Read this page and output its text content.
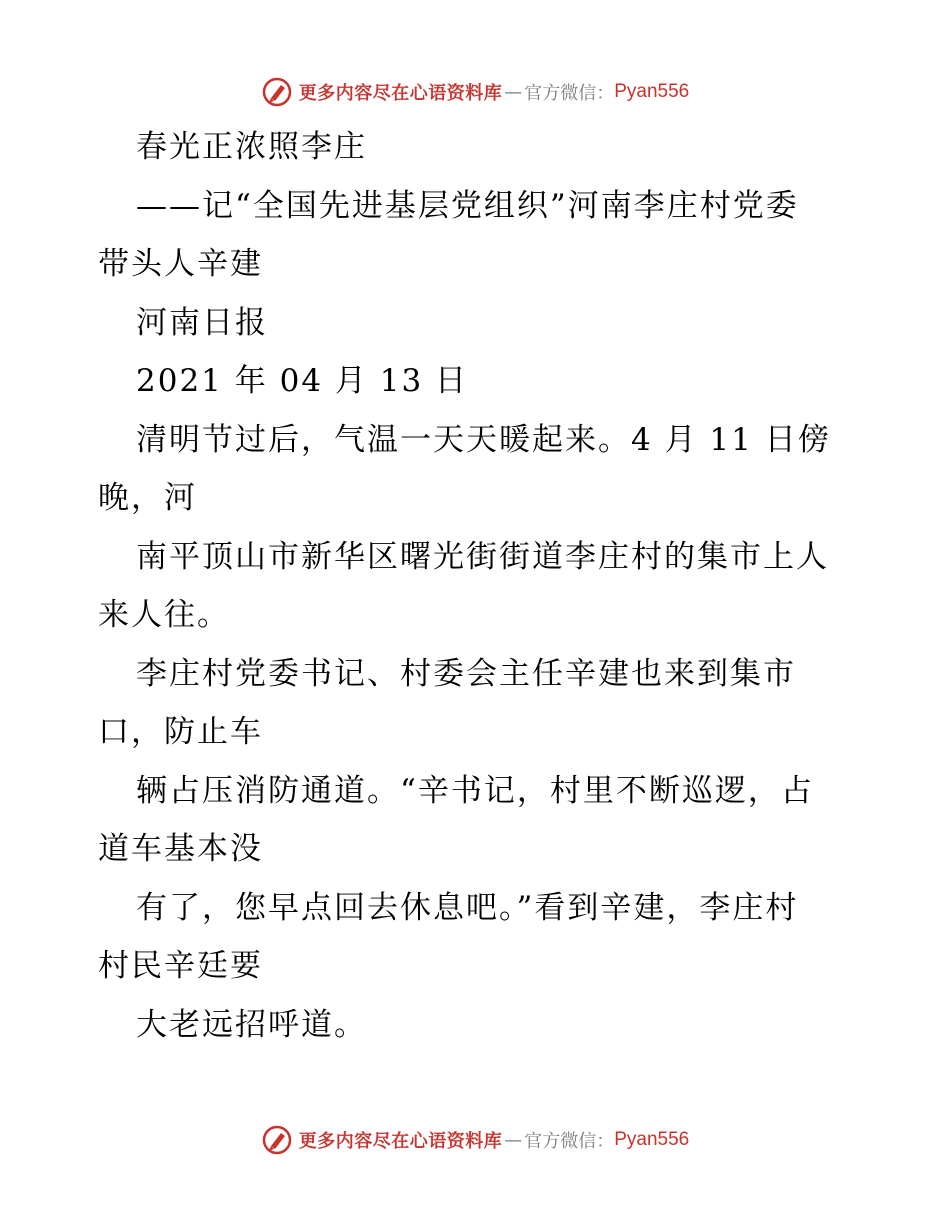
更多内容尽在心语资料库 — 官方微信： Pyan556

春光正浓照李庄

——记“全国先进基层党组织”河南李庄村党委

带头人辛建

河南日报

2021 年 04 月 13 日

清明节过后，气温一天天暖起来。4 月 11 日傍

晚，河

南平顶山市新华区曙光街街道李庄村的集市上人

来人往。

李庄村党委书记、村委会主任辛建也来到集市

口，防止车

辆占压消防通道。“辛书记，村里不断巡逻，占

道车基本没

有了，您早点回去休息吧。”看到辛建，李庄村

村民辛廷要

大老远招呼道。

更多内容尽在心语资料库 — 官方微信： Pyan556
